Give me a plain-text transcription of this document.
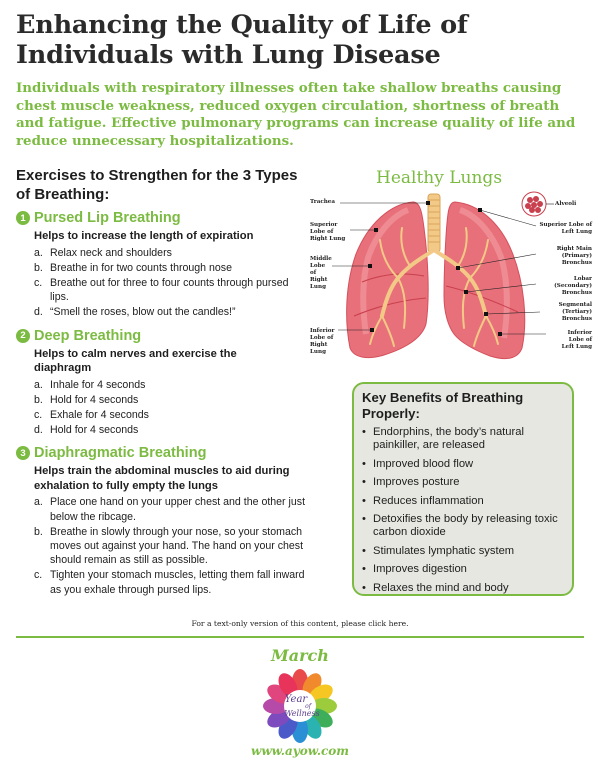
Enhancing the Quality of Life of Individuals with Lung Disease

Individuals with respiratory illnesses often take shallow breaths causing chest muscle weakness, reduced oxygen circulation, shortness of breath and fatigue. Effective pulmonary programs can increase quality of life and reduce unnecessary hospitalizations.

Exercises to Strengthen for the 3 Types of Breathing:
1 Pursed Lip Breathing
Helps to increase the length of expiration
a. Relax neck and shoulders
b. Breathe in for two counts through nose
c. Breathe out for three to four counts through pursed lips.
d. “Smell the roses, blow out the candles!”
2 Deep Breathing
Helps to calm nerves and exercise the diaphragm
a. Inhale for 4 seconds
b. Hold for 4 seconds
c. Exhale for 4 seconds
d. Hold for 4 seconds
3 Diaphragmatic Breathing
Helps train the abdominal muscles to aid during exhalation to fully empty the lungs
a. Place one hand on your upper chest and the other just below the ribcage.
b. Breathe in slowly through your nose, so your stomach moves out against your hand. The hand on your chest should remain as still as possible.
c. Tighten your stomach muscles, letting them fall inward as you exhale through pursed lips.
Healthy Lungs
Trachea
Superior Lobe of Right Lung
Middle Lobe of Right Lung
Inferior Lobe of Right Lung
Alveoli
Superior Lobe of Left Lung
Right Main (Primary) Bronchus
Lobar (Secondary) Bronchus
Segmental (Tertiary) Bronchus
Inferior Lobe of Left Lung
Key Benefits of Breathing Properly:
• Endorphins, the body’s natural painkiller, are released
• Improved blood flow
• Improves posture
• Reduces inflammation
• Detoxifies the body by releasing toxic carbon dioxide
• Stimulates lymphatic system
• Improves digestion
• Relaxes the mind and body
For a text-only version of this content, please click here.
March
Year
of
Wellness
www.ayow.com
